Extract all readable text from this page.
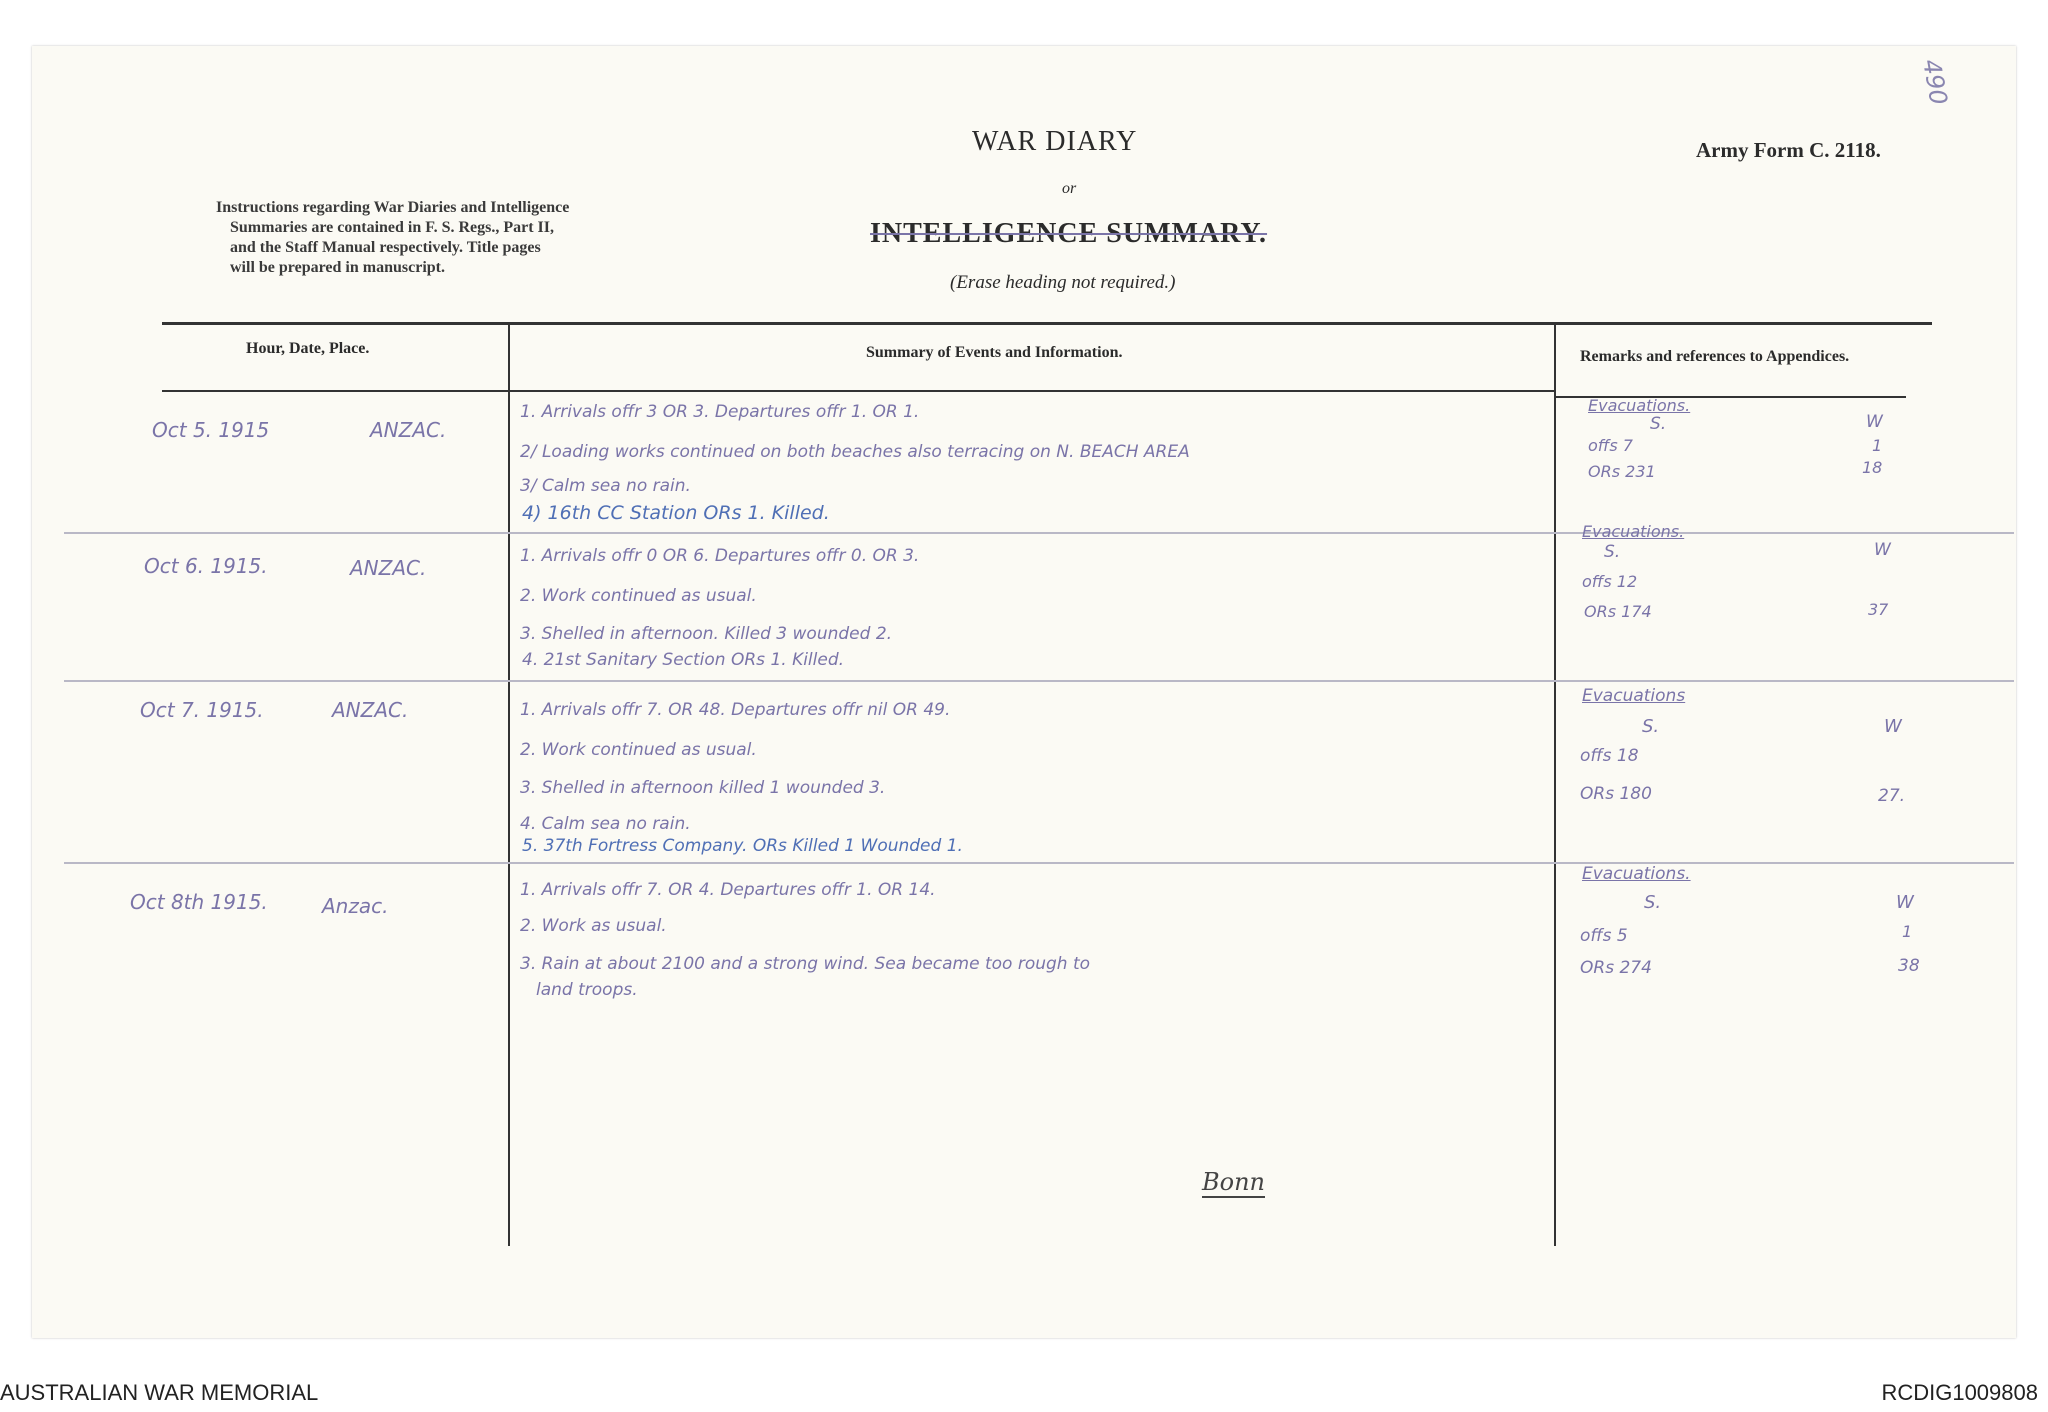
Instructions regarding War Diaries and Intelligence
Summaries are contained in F. S. Regs., Part II,
and the Staff Manual respectively. Title pages
will be prepared in manuscript.
WAR DIARY
or
INTELLIGENCE SUMMARY.
(Erase heading not required.)
Army Form C. 2118.
490
Hour, Date, Place.	Summary of Events and Information.	Remarks and references to Appendices.
Oct 5. 1915	ANZAC.
1. Arrivals offr 3 OR 3. Departures offr 1. OR 1.
2/ Loading works continued on both beaches also terracing on N. BEACH AREA
3/ Calm sea no rain.
4) 16th CC Station ORs 1. Killed.
Evacuations.
S.	W
offs 7	1
ORs 231	18
Oct 6. 1915.	ANZAC.	1. Arrivals offr 0 OR 6. Departures offr 0. OR 3.
2. Work continued as usual.
3. Shelled in afternoon. Killed 3 wounded 2.
4. 21st Sanitary Section ORs 1. Killed.
Evacuations.
S.	W
offs 12
ORs 174	37
Oct 7. 1915.	ANZAC.	1. Arrivals offr 7. OR 48. Departures offr nil OR 49.
2. Work continued as usual.
3. Shelled in afternoon killed 1 wounded 3.
4. Calm sea no rain.
5. 37th Fortress Company. ORs Killed 1 Wounded 1.
Evacuations
S.	W
offs 18
ORs 180	27.
Oct 8th 1915.	Anzac.
1. Arrivals offr 7. OR 4. Departures offr 1. OR 14.
2. Work as usual.
3. Rain at about 2100 and a strong wind. Sea became too rough to
land troops.
Evacuations.
S.	W
offs 5	1
ORs 274	38
Bonn
AUSTRALIAN WAR MEMORIAL	RCDIG1009808
